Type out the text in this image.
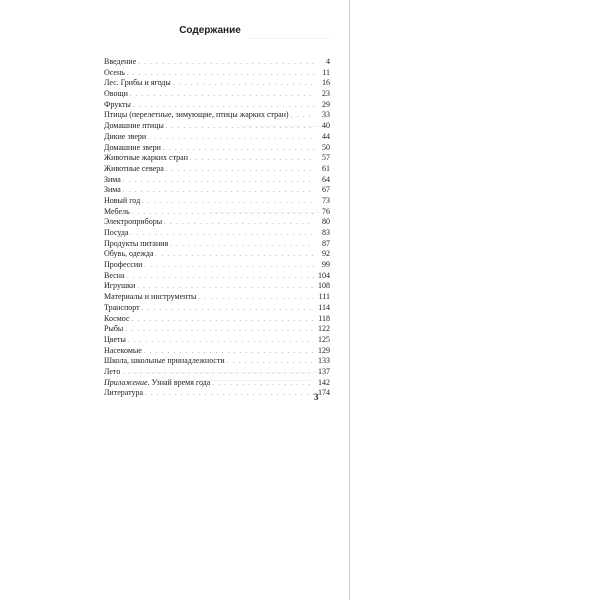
Содержание
Введение . . .	4
Осень . . .	11
Лес. Грибы и ягоды . . .	16
Овощи . . .	23
Фрукты . . .	29
Птицы (перелетные, зимующие, птицы жарких стран) . . .	33
Домашние птицы . . .	40
Дикие звери . . .	44
Домашние звери . . .	50
Животные жарких стран . . .	57
Животные севера . . .	61
Зима . . .	64
Зима . . .	67
Новый год . . .	73
Мебель . . .	76
Электроприборы . . .	80
Посуда . . .	83
Продукты питания . . .	87
Обувь, одежда . . .	92
Профессии . . .	99
Весна . . .	104
Игрушки . . .	108
Материалы и инструменты . . .	111
Транспорт . . .	114
Космос . . .	118
Рыбы . . .	122
Цветы . . .	125
Насекомые . . .	129
Школа, школьные принадлежности . . .	133
Лето . . .	137
Приложение. Узнай время года . . .	142
Литература . . .	174
3
